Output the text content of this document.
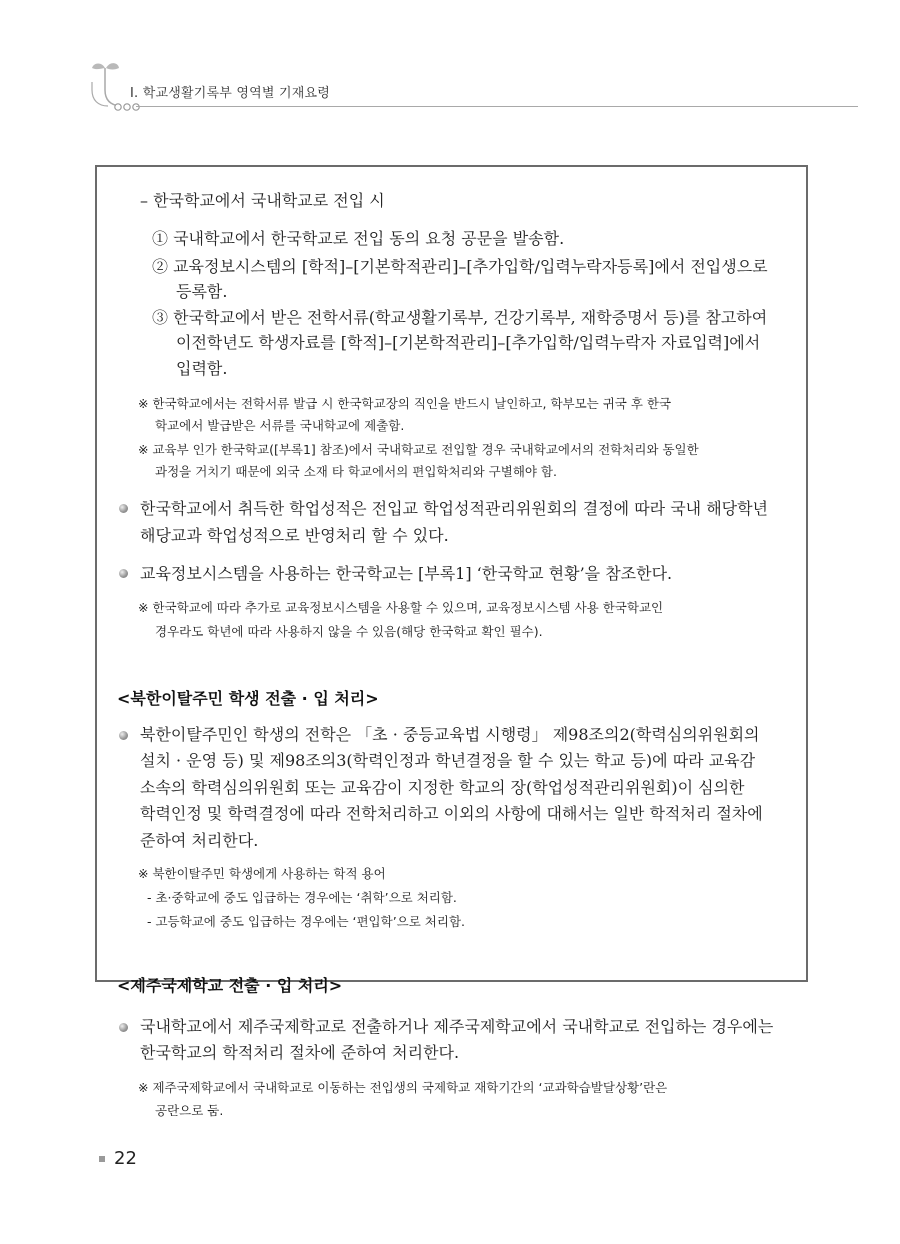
Ⅰ. 학교생활기록부 영역별 기재요령
– 한국학교에서 국내학교로 전입 시
① 국내학교에서 한국학교로 전입 동의 요청 공문을 발송함.
② 교육정보시스템의 [학적]–[기본학적관리]–[추가입학/입력누락자등록]에서 전입생으로
등록함.
③ 한국학교에서 받은 전학서류(학교생활기록부, 건강기록부, 재학증명서 등)를 참고하여
이전학년도 학생자료를 [학적]–[기본학적관리]–[추가입학/입력누락자 자료입력]에서
입력함.
※ 한국학교에서는 전학서류 발급 시 한국학교장의 직인을 반드시 날인하고, 학부모는 귀국 후 한국
학교에서 발급받은 서류를 국내학교에 제출함.
※ 교육부 인가 한국학교([부록1] 참조)에서 국내학교로 전입할 경우 국내학교에서의 전학처리와 동일한
과정을 거치기 때문에 외국 소재 타 학교에서의 편입학처리와 구별해야 함.
한국학교에서 취득한 학업성적은 전입교 학업성적관리위원회의 결정에 따라 국내 해당학년
해당교과 학업성적으로 반영처리 할 수 있다.
교육정보시스템을 사용하는 한국학교는 [부록1] ‘한국학교 현황’을 참조한다.
※ 한국학교에 따라 추가로 교육정보시스템을 사용할 수 있으며, 교육정보시스템 사용 한국학교인
경우라도 학년에 따라 사용하지 않을 수 있음(해당 한국학교 확인 필수).
<북한이탈주민 학생 전출 · 입 처리>
북한이탈주민인 학생의 전학은 「초 · 중등교육법 시행령」 제98조의2(학력심의위원회의
설치 · 운영 등) 및 제98조의3(학력인정과 학년결정을 할 수 있는 학교 등)에 따라 교육감
소속의 학력심의위원회 또는 교육감이 지정한 학교의 장(학업성적관리위원회)이 심의한
학력인정 및 학력결정에 따라 전학처리하고 이외의 사항에 대해서는 일반 학적처리 절차에
준하여 처리한다.
※ 북한이탈주민 학생에게 사용하는 학적 용어
- 초·중학교에 중도 입급하는 경우에는 ‘취학’으로 처리함.
- 고등학교에 중도 입급하는 경우에는 ‘편입학’으로 처리함.
<제주국제학교 전출 · 입 처리>
국내학교에서 제주국제학교로 전출하거나 제주국제학교에서 국내학교로 전입하는 경우에는
한국학교의 학적처리 절차에 준하여 처리한다.
※ 제주국제학교에서 국내학교로 이동하는 전입생의 국제학교 재학기간의 ‘교과학습발달상황’란은
공란으로 둠.
22
